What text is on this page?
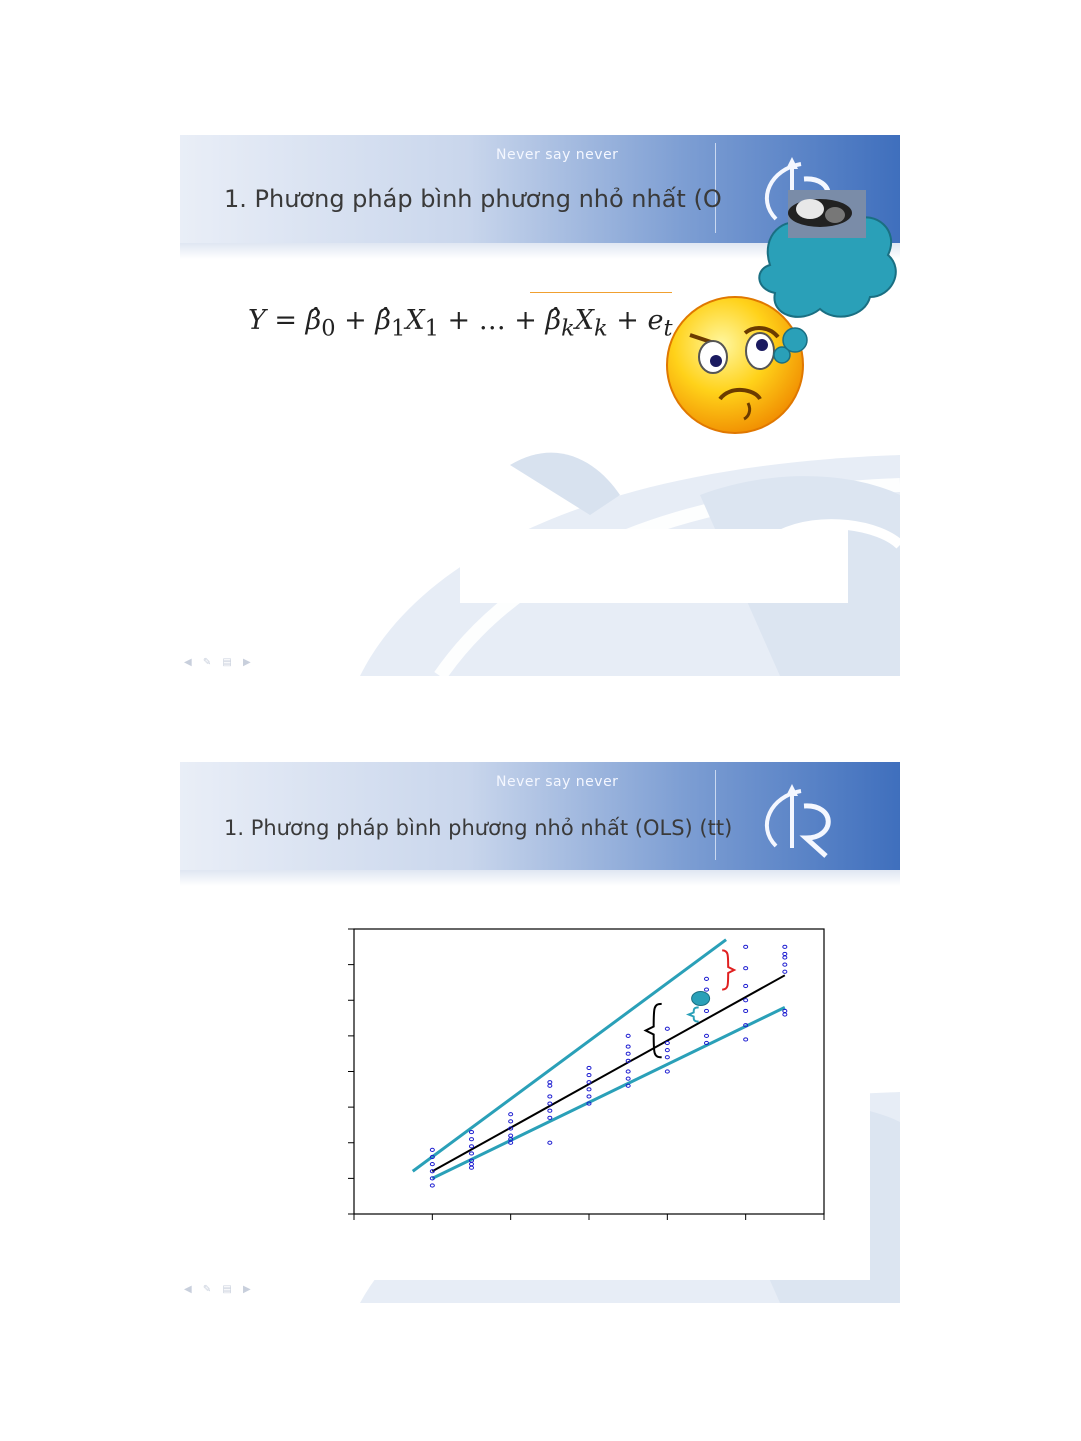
Never say never
1. Phương pháp bình phương nhỏ nhất (O
$Y = \betâ_0$ + $\betâ_1X_1$ + … + $\betâ_kX_k + e_t$
◀ ✎ ▤ ▶
Never say never
1. Phương pháp bình phương nhỏ nhất (OLS) (tt)
◀ ✎ ▤ ▶
